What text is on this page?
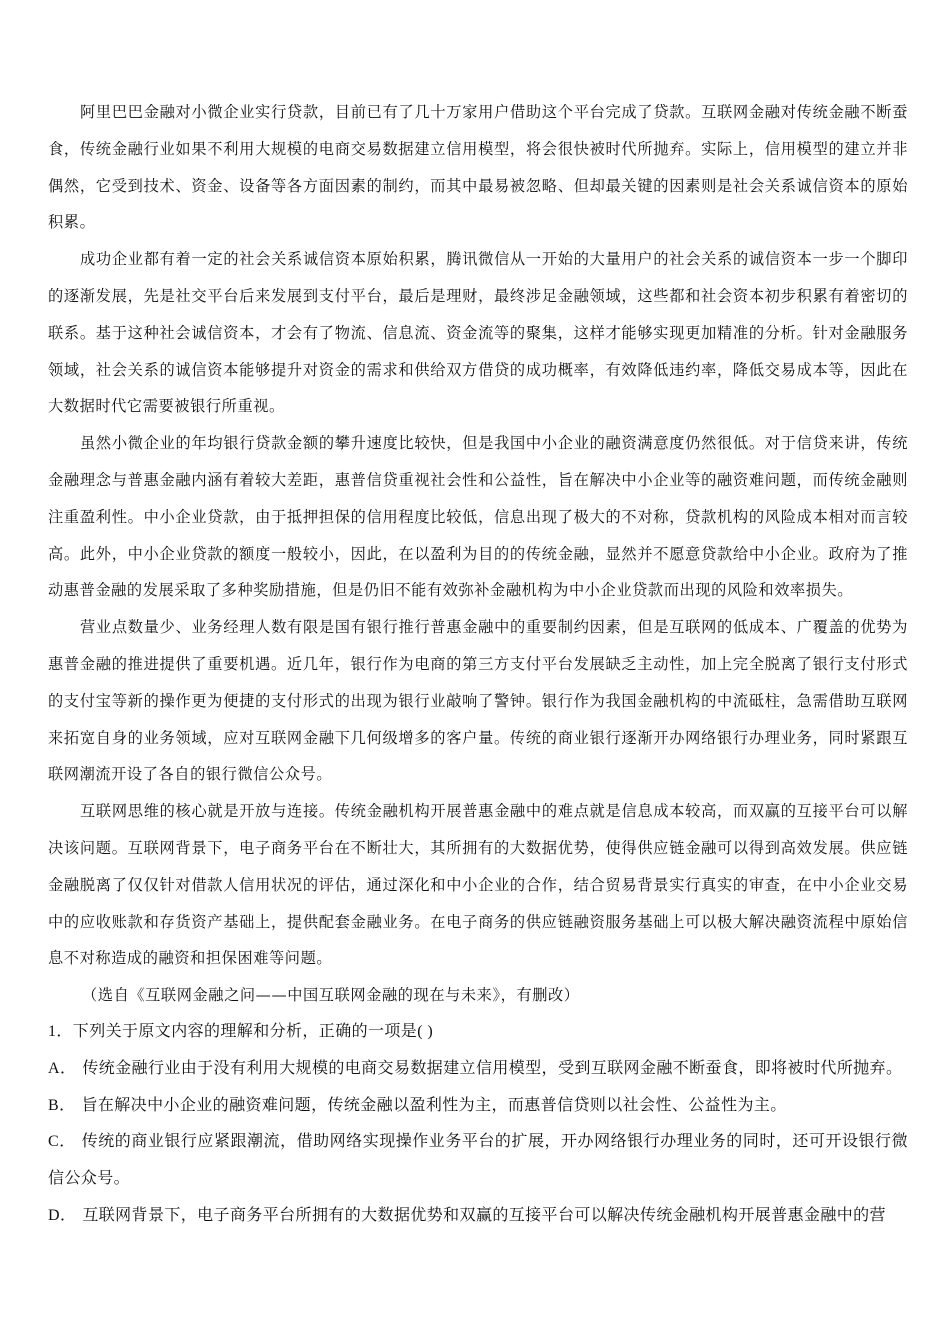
阿里巴巴金融对小微企业实行贷款，目前已有了几十万家用户借助这个平台完成了贷款。互联网金融对传统金融不断蚕食，传统金融行业如果不利用大规模的电商交易数据建立信用模型，将会很快被时代所抛弃。实际上，信用模型的建立并非偶然，它受到技术、资金、设备等各方面因素的制约，而其中最易被忽略、但却最关键的因素则是社会关系诚信资本的原始积累。

成功企业都有着一定的社会关系诚信资本原始积累，腾讯微信从一开始的大量用户的社会关系的诚信资本一步一个脚印的逐渐发展，先是社交平台后来发展到支付平台，最后是理财，最终涉足金融领域，这些都和社会资本初步积累有着密切的联系。基于这种社会诚信资本，才会有了物流、信息流、资金流等的聚集，这样才能够实现更加精准的分析。针对金融服务领域，社会关系的诚信资本能够提升对资金的需求和供给双方借贷的成功概率，有效降低违约率，降低交易成本等，因此在大数据时代它需要被银行所重视。

虽然小微企业的年均银行贷款金额的攀升速度比较快，但是我国中小企业的融资满意度仍然很低。对于信贷来讲，传统金融理念与普惠金融内涵有着较大差距，惠普信贷重视社会性和公益性，旨在解决中小企业等的融资难问题，而传统金融则注重盈利性。中小企业贷款，由于抵押担保的信用程度比较低，信息出现了极大的不对称，贷款机构的风险成本相对而言较高。此外，中小企业贷款的额度一般较小，因此，在以盈利为目的的传统金融，显然并不愿意贷款给中小企业。政府为了推动惠普金融的发展采取了多种奖励措施，但是仍旧不能有效弥补金融机构为中小企业贷款而出现的风险和效率损失。

营业点数量少、业务经理人数有限是国有银行推行普惠金融中的重要制约因素，但是互联网的低成本、广覆盖的优势为惠普金融的推进提供了重要机遇。近几年，银行作为电商的第三方支付平台发展缺乏主动性，加上完全脱离了银行支付形式的支付宝等新的操作更为便捷的支付形式的出现为银行业敲响了警钟。银行作为我国金融机构的中流砥柱，急需借助互联网来拓宽自身的业务领域，应对互联网金融下几何级增多的客户量。传统的商业银行逐渐开办网络银行办理业务，同时紧跟互联网潮流开设了各自的银行微信公众号。

互联网思维的核心就是开放与连接。传统金融机构开展普惠金融中的难点就是信息成本较高，而双赢的互接平台可以解决该问题。互联网背景下，电子商务平台在不断壮大，其所拥有的大数据优势，使得供应链金融可以得到高效发展。供应链金融脱离了仅仅针对借款人信用状况的评估，通过深化和中小企业的合作，结合贸易背景实行真实的审查，在中小企业交易中的应收账款和存货资产基础上，提供配套金融业务。在电子商务的供应链融资服务基础上可以极大解决融资流程中原始信息不对称造成的融资和担保困难等问题。

（选自《互联网金融之问——中国互联网金融的现在与未来》，有删改）

1．下列关于原文内容的理解和分析，正确的一项是( )

A． 传统金融行业由于没有利用大规模的电商交易数据建立信用模型，受到互联网金融不断蚕食，即将被时代所抛弃。

B． 旨在解决中小企业的融资难问题，传统金融以盈利性为主，而惠普信贷则以社会性、公益性为主。

C． 传统的商业银行应紧跟潮流，借助网络实现操作业务平台的扩展，开办网络银行办理业务的同时，还可开设银行微信公众号。

D． 互联网背景下，电子商务平台所拥有的大数据优势和双赢的互接平台可以解决传统金融机构开展普惠金融中的营
